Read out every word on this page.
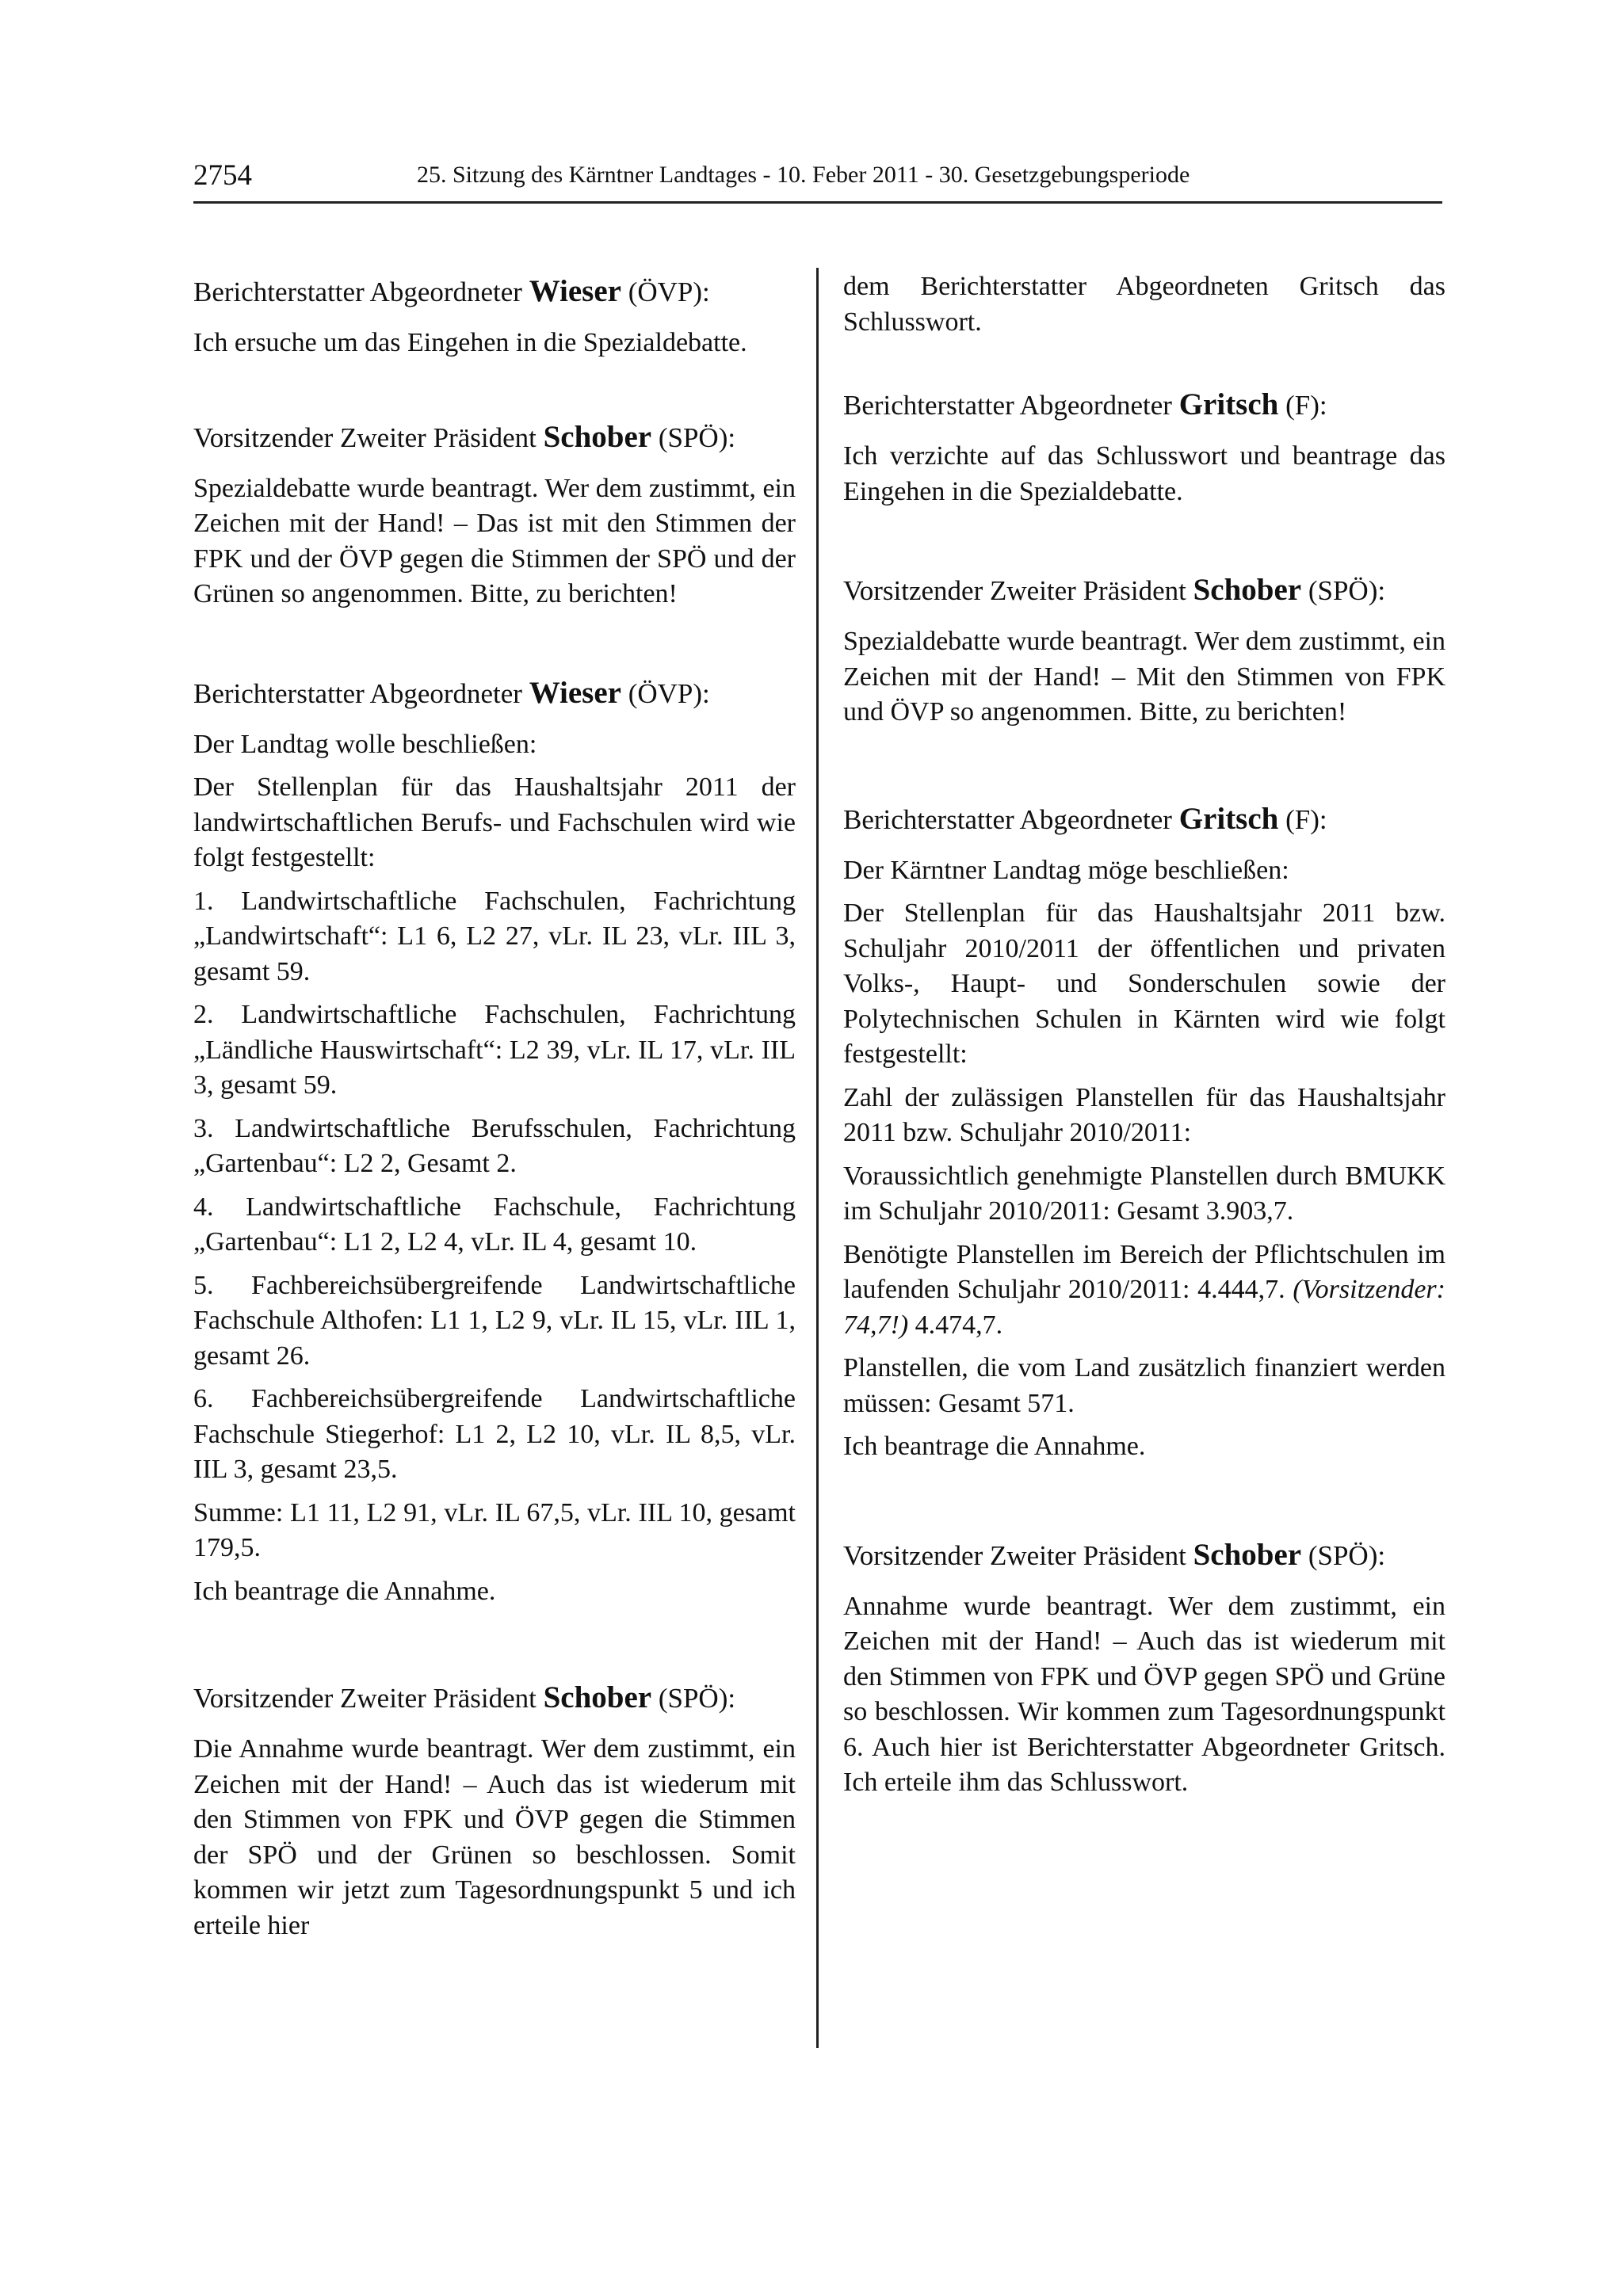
2754	25. Sitzung des Kärntner Landtages - 10. Feber 2011 - 30. Gesetzgebungsperiode
Berichterstatter Abgeordneter Wieser (ÖVP):

Ich ersuche um das Eingehen in die Spezialdebatte.

Vorsitzender Zweiter Präsident Schober (SPÖ):

Spezialdebatte wurde beantragt. Wer dem zustimmt, ein Zeichen mit der Hand! – Das ist mit den Stimmen der FPK und der ÖVP gegen die Stimmen der SPÖ und der Grünen so angenommen. Bitte, zu berichten!

Berichterstatter Abgeordneter Wieser (ÖVP):

Der Landtag wolle beschließen:

Der Stellenplan für das Haushaltsjahr 2011 der landwirtschaftlichen Berufs- und Fachschulen wird wie folgt festgestellt:

1. Landwirtschaftliche Fachschulen, Fachrichtung „Landwirtschaft“: L1 6, L2 27, vLr. IL 23, vLr. IIL 3, gesamt 59.

2. Landwirtschaftliche Fachschulen, Fachrichtung „Ländliche Hauswirtschaft“: L2 39, vLr. IL 17, vLr. IIL 3, gesamt 59.

3. Landwirtschaftliche Berufsschulen, Fachrichtung „Gartenbau“: L2 2, Gesamt 2.

4. Landwirtschaftliche Fachschule, Fachrichtung „Gartenbau“: L1 2, L2 4, vLr. IL 4, gesamt 10.

5. Fachbereichsübergreifende Landwirtschaftliche Fachschule Althofen: L1 1, L2 9, vLr. IL 15, vLr. IIL 1, gesamt 26.

6. Fachbereichsübergreifende Landwirtschaftliche Fachschule Stiegerhof: L1 2, L2 10, vLr. IL 8,5, vLr. IIL 3, gesamt 23,5.

Summe: L1 11, L2 91, vLr. IL 67,5, vLr. IIL 10, gesamt 179,5.

Ich beantrage die Annahme.

Vorsitzender Zweiter Präsident Schober (SPÖ):

Die Annahme wurde beantragt. Wer dem zustimmt, ein Zeichen mit der Hand! – Auch das ist wiederum mit den Stimmen von FPK und ÖVP gegen die Stimmen der SPÖ und der Grünen so beschlossen. Somit kommen wir jetzt zum Tagesordnungspunkt 5 und ich erteile hier

dem Berichterstatter Abgeordneten Gritsch das Schlusswort.

Berichterstatter Abgeordneter Gritsch (F):

Ich verzichte auf das Schlusswort und beantrage das Eingehen in die Spezialdebatte.

Vorsitzender Zweiter Präsident Schober (SPÖ):

Spezialdebatte wurde beantragt. Wer dem zustimmt, ein Zeichen mit der Hand! – Mit den Stimmen von FPK und ÖVP so angenommen. Bitte, zu berichten!

Berichterstatter Abgeordneter Gritsch (F):

Der Kärntner Landtag möge beschließen:

Der Stellenplan für das Haushaltsjahr 2011 bzw. Schuljahr 2010/2011 der öffentlichen und privaten Volks-, Haupt- und Sonderschulen sowie der Polytechnischen Schulen in Kärnten wird wie folgt festgestellt:

Zahl der zulässigen Planstellen für das Haushaltsjahr 2011 bzw. Schuljahr 2010/2011:

Voraussichtlich genehmigte Planstellen durch BMUKK im Schuljahr 2010/2011: Gesamt 3.903,7.

Benötigte Planstellen im Bereich der Pflichtschulen im laufenden Schuljahr 2010/2011: 4.444,7. (Vorsitzender: 74,7!) 4.474,7.

Planstellen, die vom Land zusätzlich finanziert werden müssen: Gesamt 571.

Ich beantrage die Annahme.

Vorsitzender Zweiter Präsident Schober (SPÖ):

Annahme wurde beantragt. Wer dem zustimmt, ein Zeichen mit der Hand! – Auch das ist wiederum mit den Stimmen von FPK und ÖVP gegen SPÖ und Grüne so beschlossen. Wir kommen zum Tagesordnungspunkt 6. Auch hier ist Berichterstatter Abgeordneter Gritsch. Ich erteile ihm das Schlusswort.
